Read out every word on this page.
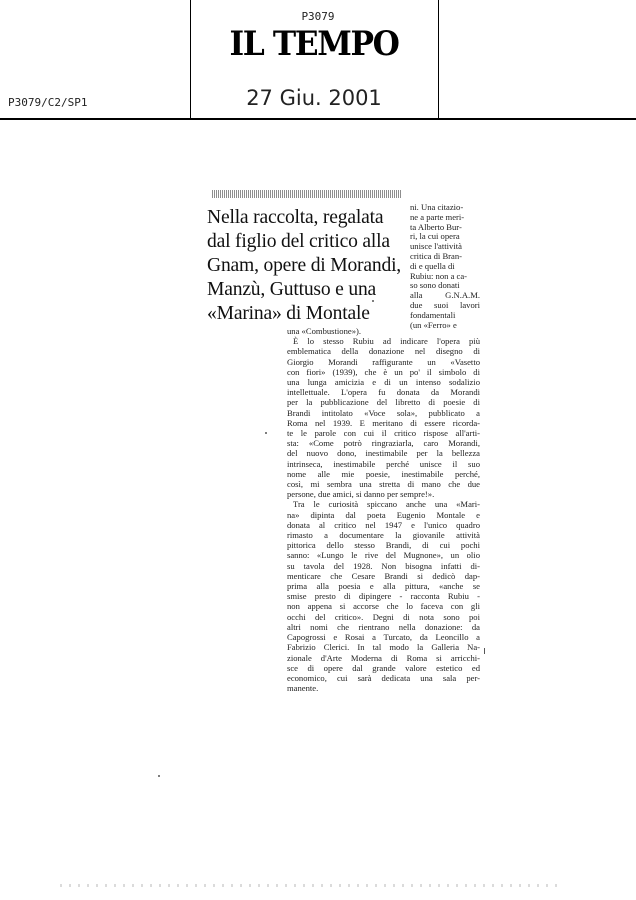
P3079
IL TEMPO
P3079/C2/SP1	27 Giu. 2001
Nella raccolta, regalata
dal figlio del critico alla
Gnam, opere di Morandi,
Manzù, Guttuso e una
«Marina» di Montale
ni. Una citazio-
ne a parte meri-
ta Alberto Bur-
ri, la cui opera
unisce l'attività
critica di Bran-
di e quella di
Rubiu: non a ca-
so sono donati
alla G.N.A.M.
due suoi lavori
fondamentali
(un «Ferro» e
una «Combustione»).
È lo stesso Rubiu ad indicare l'opera più
emblematica della donazione nel disegno di
Giorgio Morandi raffigurante un «Vasetto
con fiori» (1939), che è un po' il simbolo di
una lunga amicizia e di un intenso sodalizio
intellettuale. L'opera fu donata da Morandi
per la pubblicazione del libretto di poesie di
Brandi intitolato «Voce sola», pubblicato a
Roma nel 1939. E meritano di essere ricorda-
te le parole con cui il critico rispose all'arti-
sta: «Come potrò ringraziarla, caro Morandi,
del nuovo dono, inestimabile per la bellezza
intrinseca, inestimabile perché unisce il suo
nome alle mie poesie, inestimabile perché,
così, mi sembra una stretta di mano che due
persone, due amici, si danno per sempre!».
Tra le curiosità spiccano anche una «Mari-
na» dipinta dal poeta Eugenio Montale e
donata al critico nel 1947 e l'unico quadro
rimasto a documentare la giovanile attività
pittorica dello stesso Brandi, di cui pochi
sanno: «Lungo le rive del Mugnone», un olio
su tavola del 1928. Non bisogna infatti di-
menticare che Cesare Brandi si dedicò dap-
prima alla poesia e alla pittura, «anche se
smise presto di dipingere - racconta Rubiu -
non appena si accorse che lo faceva con gli
occhi del critico». Degni di nota sono poi
altri nomi che rientrano nella donazione: da
Capogrossi e Rosai a Turcato, da Leoncillo a
Fabrizio Clerici. In tal modo la Galleria Na-
zionale d'Arte Moderna di Roma si arricchi-
sce di opere dal grande valore estetico ed
economico, cui sarà dedicata una sala per-
manente.
